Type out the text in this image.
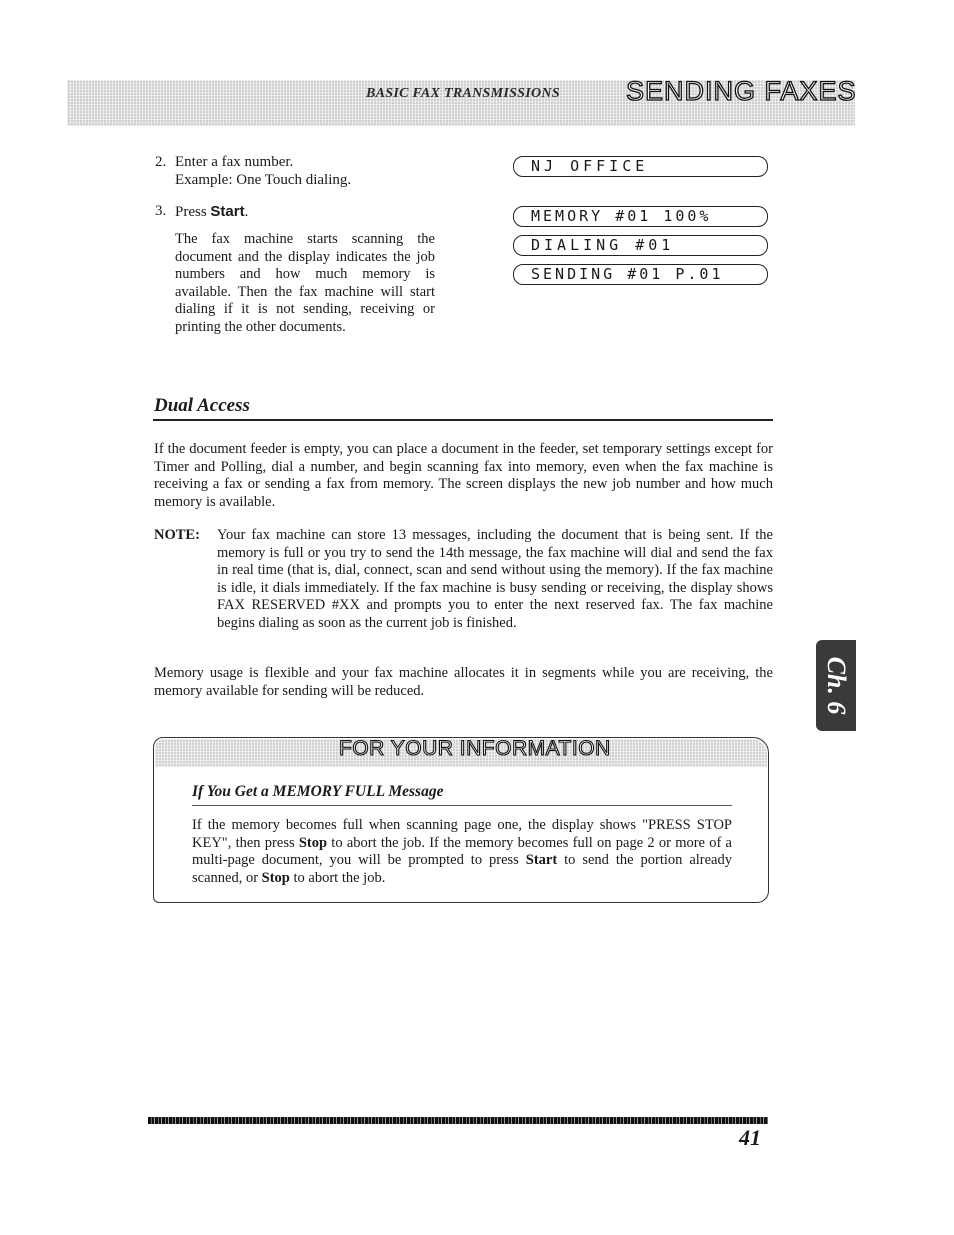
BASIC FAX TRANSMISSIONS SENDING FAXES
2. Enter a fax number.
Example: One Touch dialing.
3. Press Start.
The fax machine starts scanning the document and the display indicates the job numbers and how much memory is available. Then the fax machine will start dialing if it is not sending, receiving or printing the other documents.
NJ OFFICE
MEMORY #01 100%
DIALING #01
SENDING #01 P.01
Dual Access
If the document feeder is empty, you can place a document in the feeder, set temporary settings except for Timer and Polling, dial a number, and begin scanning fax into memory, even when the fax machine is receiving a fax or sending a fax from memory. The screen displays the new job number and how much memory is available.
NOTE: Your fax machine can store 13 messages, including the document that is being sent. If the memory is full or you try to send the 14th message, the fax machine will dial and send the fax in real time (that is, dial, connect, scan and send without using the memory). If the fax machine is idle, it dials immediately. If the fax machine is busy sending or receiving, the display shows FAX RESERVED #XX and prompts you to enter the next reserved fax. The fax machine begins dialing as soon as the current job is finished.
Memory usage is flexible and your fax machine allocates it in segments while you are receiving, the memory available for sending will be reduced.	Ch. 6
FOR YOUR INFORMATION
If You Get a MEMORY FULL Message
If the memory becomes full when scanning page one, the display shows "PRESS STOP KEY", then press Stop to abort the job. If the memory becomes full on page 2 or more of a multi-page document, you will be prompted to press Start to send the portion already scanned, or Stop to abort the job.
41
